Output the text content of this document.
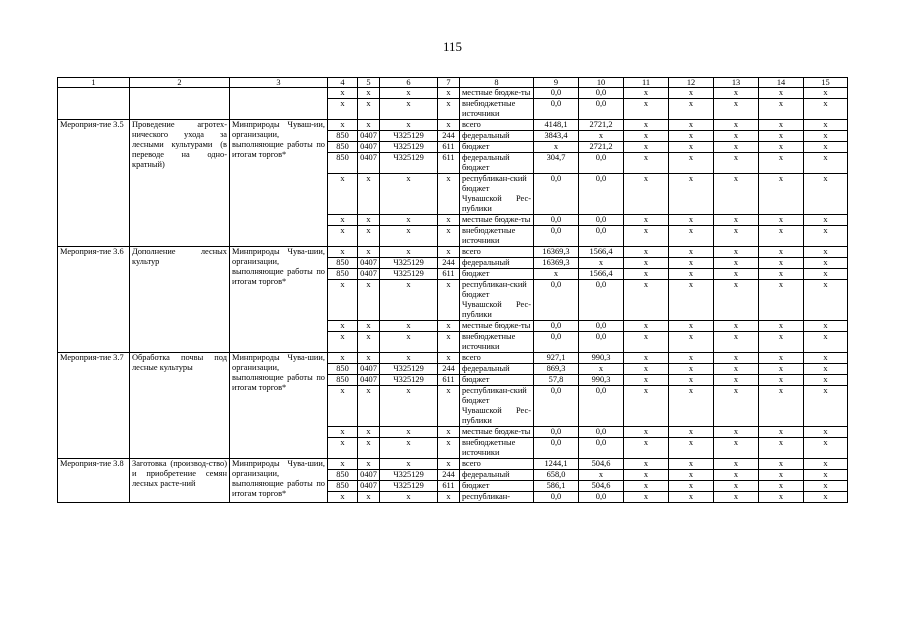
115
1	2	3	4	5	6	7	8	9	10	11	12	13	14	15
			x	x	x	x	местные бюдже-ты	0,0	0,0	x	x	x	x	x
			x	x	x	x	внебюджетные источники	0,0	0,0	x	x	x	x	x
Мероприя-тие 3.5	Проведение агротех-нического ухода за лесными культурами (в переводе на одно-кратный)	Минприроды Чуваш-ии, организации, выполняющие работы по итогам торгов*	x	x	x	x	всего	4148,1	2721,2	x	x	x	x	x
			850	0407	Ч325129	244	федеральный	3843,4	x	x	x	x	x	x
			850	0407	Ч325129	611	бюджет	x	2721,2	x	x	x	x	x
			850	0407	Ч325129	611	федеральный бюджет	304,7	0,0	x	x	x	x	x
			x	x	x	x	республикан-ский бюджет Чувашской Рес-публики	0,0	0,0	x	x	x	x	x
			x	x	x	x	местные бюдже-ты	0,0	0,0	x	x	x	x	x
			x	x	x	x	внебюджетные источники	0,0	0,0	x	x	x	x	x
Мероприя-тие 3.6	Дополнение лесных культур	Минприроды Чува-шии, организации, выполняющие работы по итогам торгов*	x	x	x	x	всего	16369,3	1566,4	x	x	x	x	x
			850	0407	Ч325129	244	федеральный	16369,3	x	x	x	x	x	x
			850	0407	Ч325129	611	бюджет	x	1566,4	x	x	x	x	x
			x	x	x	x	республикан-ский бюджет Чувашской Рес-публики	0,0	0,0	x	x	x	x	x
			x	x	x	x	местные бюдже-ты	0,0	0,0	x	x	x	x	x
			x	x	x	x	внебюджетные источники	0,0	0,0	x	x	x	x	x
Мероприя-тие 3.7	Обработка почвы под лесные культуры	Минприроды Чува-шии, организации, выполняющие работы по итогам торгов*	x	x	x	x	всего	927,1	990,3	x	x	x	x	x
			850	0407	Ч325129	244	федеральный	869,3	x	x	x	x	x	x
			850	0407	Ч325129	611	бюджет	57,8	990,3	x	x	x	x	x
			x	x	x	x	республикан-ский бюджет Чувашской Рес-публики	0,0	0,0	x	x	x	x	x
			x	x	x	x	местные бюдже-ты	0,0	0,0	x	x	x	x	x
			x	x	x	x	внебюджетные источники	0,0	0,0	x	x	x	x	x
Мероприя-тие 3.8	Заготовка (производ-ство) и приобретение семян лесных расте-ний	Минприроды Чува-шии, организации, выполняющие работы по итогам торгов*	x	x	x	x	всего	1244,1	504,6	x	x	x	x	x
			850	0407	Ч325129	244	федеральный	658,0	x	x	x	x	x	x
			850	0407	Ч325129	611	бюджет	586,1	504,6	x	x	x	x	x
			x	x	x	x	республикан-	0,0	0,0	x	x	x	x	x
